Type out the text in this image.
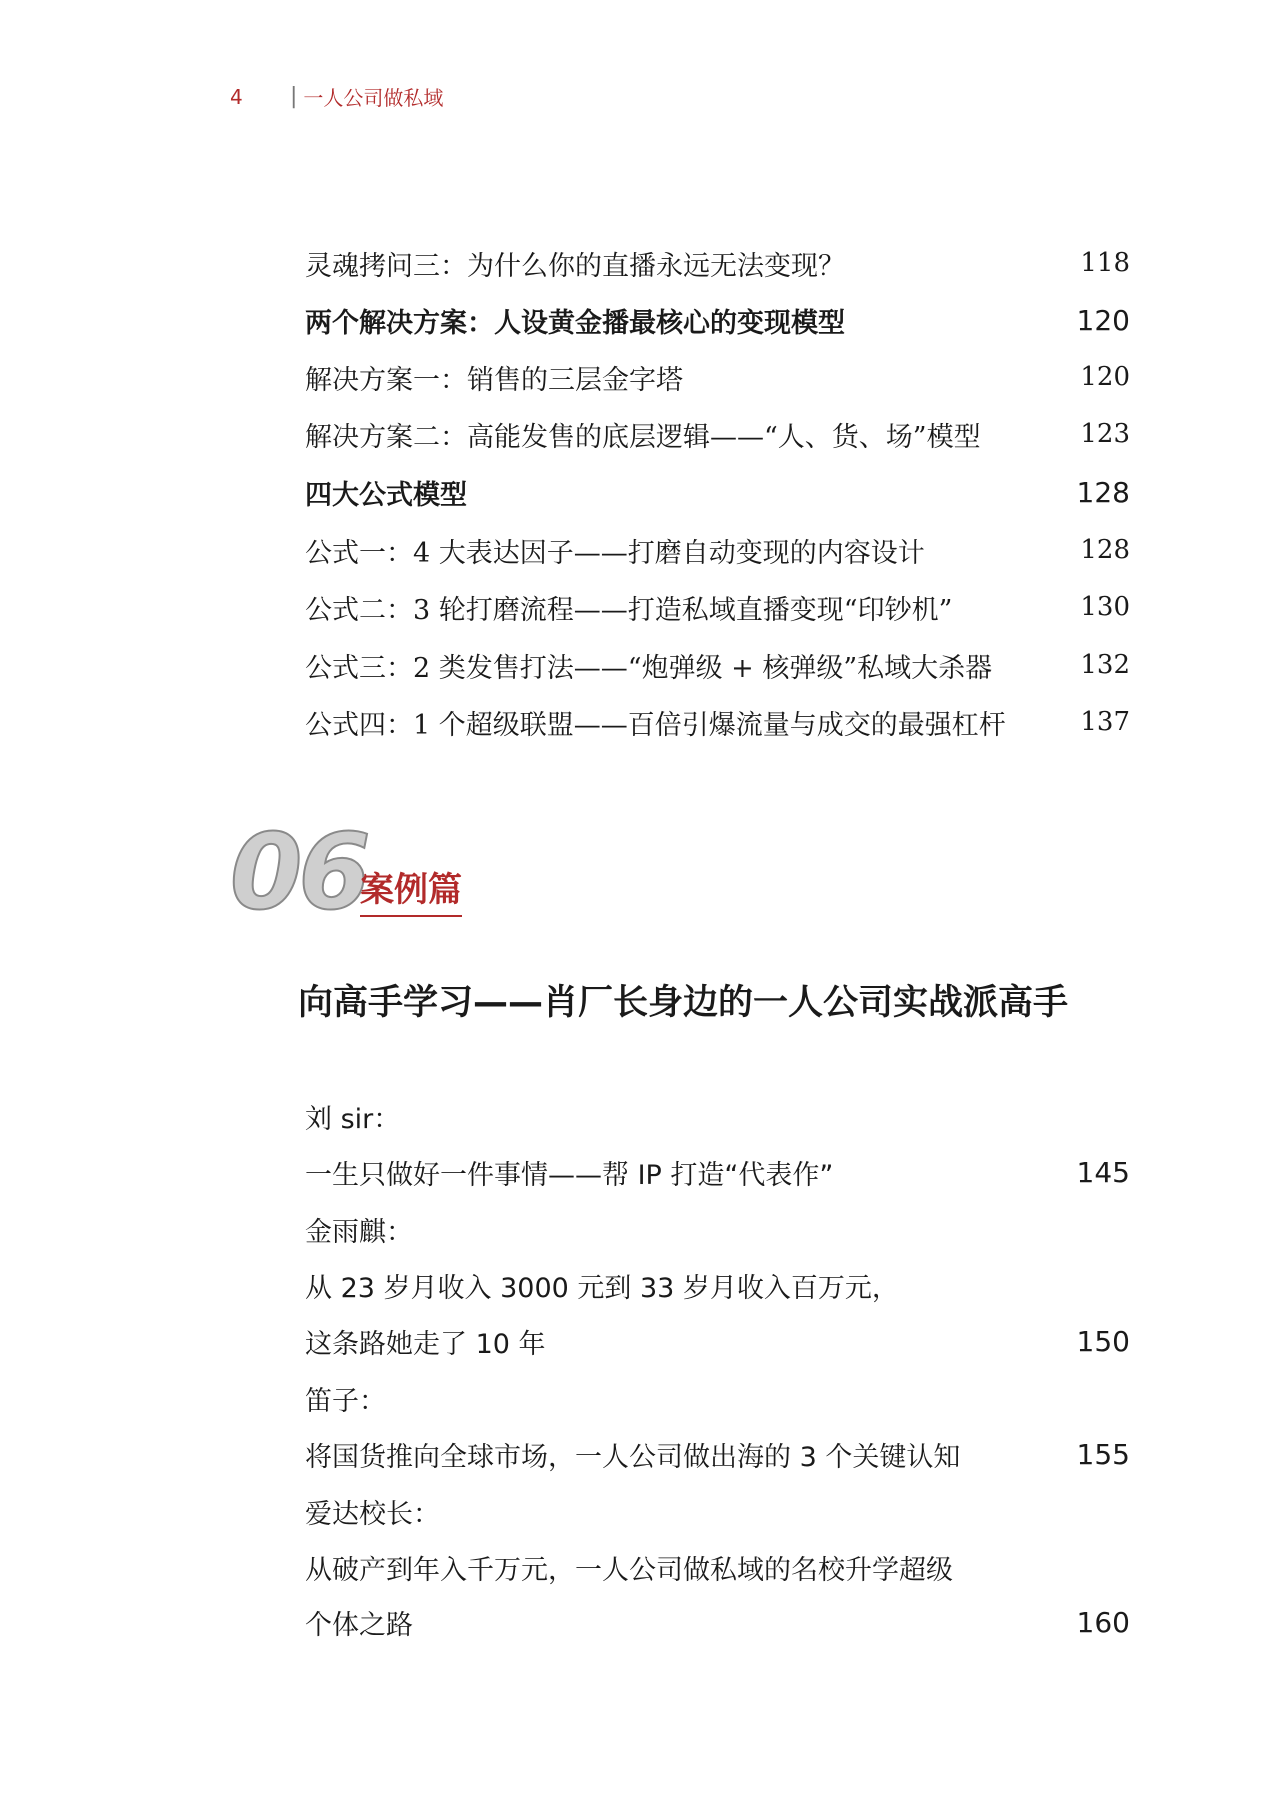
4	| 一人公司做私域
灵魂拷问三：为什么你的直播永远无法变现？	118
两个解决方案：人设黄金播最核心的变现模型	120
解决方案一：销售的三层金字塔	120
解决方案二：高能发售的底层逻辑——“人、货、场”模型	123
四大公式模型	128
公式一：4 大表达因子——打磨自动变现的内容设计	128
公式二：3 轮打磨流程——打造私域直播变现“印钞机”	130
公式三：2 类发售打法——“炮弹级 + 核弹级”私域大杀器	132
公式四：1 个超级联盟——百倍引爆流量与成交的最强杠杆	137
06
案例篇
向高手学习——肖厂长身边的一人公司实战派高手
刘 sir：
一生只做好一件事情——帮 IP 打造“代表作”	145
金雨麒：
从 23 岁月收入 3000 元到 33 岁月收入百万元，
这条路她走了 10 年	150
笛子：
将国货推向全球市场，一人公司做出海的 3 个关键认知	155
爱达校长：
从破产到年入千万元，一人公司做私域的名校升学超级
个体之路	160
